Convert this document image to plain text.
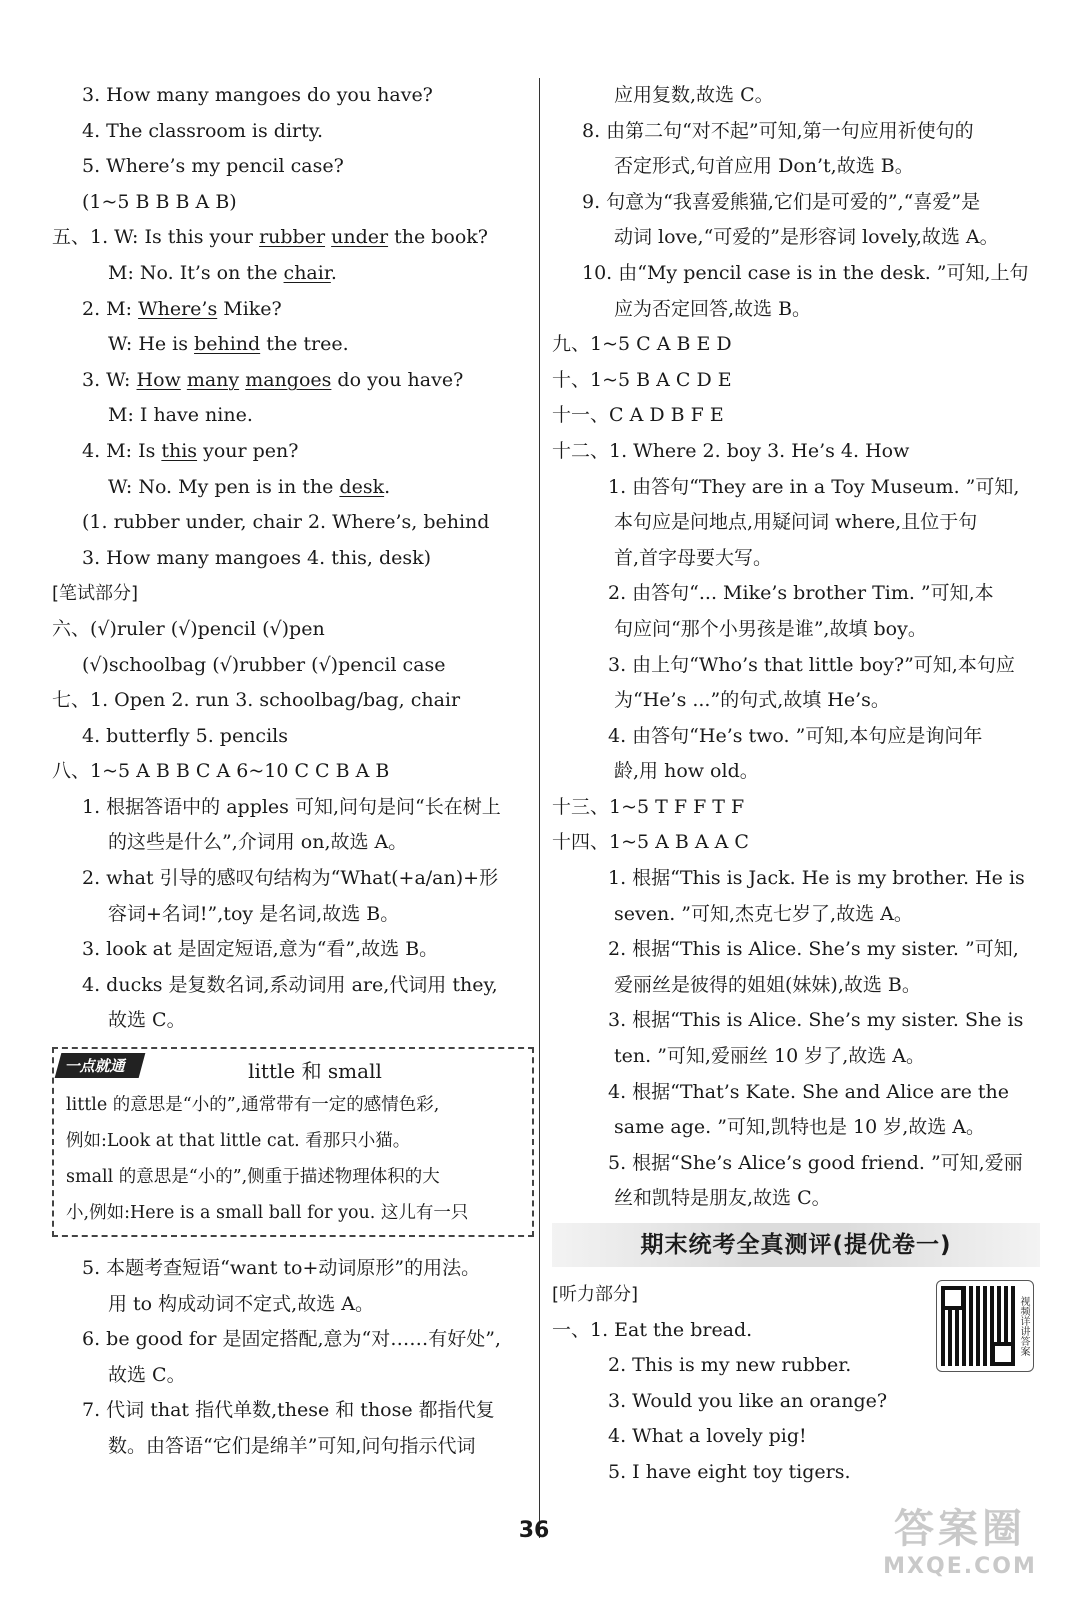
3. How many mangoes do you have?
4. The classroom is dirty.
5. Where’s my pencil case?
(1~5 B B B A B)
五、1. W: Is this your rubber under the book?
M: No. It’s on the chair.
2. M: Where’s Mike?
W: He is behind the tree.
3. W: How many mangoes do you have?
M: I have nine.
4. M: Is this your pen?
W: No. My pen is in the desk.
(1. rubber under, chair 2. Where’s, behind
3. How many mangoes 4. this, desk)
[笔试部分]
六、(√)ruler (√)pencil (√)pen
(√)schoolbag (√)rubber (√)pencil case
七、1. Open 2. run 3. schoolbag/bag, chair
4. butterfly 5. pencils
八、1~5 A B B C A 6~10 C C B A B
1. 根据答语中的 apples 可知,问句是问“长在树上
的这些是什么”,介词用 on,故选 A。
2. what 引导的感叹句结构为“What(+a/an)+形
容词+名词!”,toy 是名词,故选 B。
3. look at 是固定短语,意为“看”,故选 B。
4. ducks 是复数名词,系动词用 are,代词用 they,
故选 C。
一点就通	little 和 small
little 的意思是“小的”,通常带有一定的感情色彩,
例如:Look at that little cat. 看那只小猫。
small 的意思是“小的”,侧重于描述物理体积的大
小,例如:Here is a small ball for you. 这儿有一只
5. 本题考查短语“want to+动词原形”的用法。
用 to 构成动词不定式,故选 A。
6. be good for 是固定搭配,意为“对……有好处”,
故选 C。
7. 代词 that 指代单数,these 和 those 都指代复
数。由答语“它们是绵羊”可知,问句指示代词
应用复数,故选 C。
8. 由第二句“对不起”可知,第一句应用祈使句的
否定形式,句首应用 Don’t,故选 B。
9. 句意为“我喜爱熊猫,它们是可爱的”,“喜爱”是
动词 love,“可爱的”是形容词 lovely,故选 A。
10. 由“My pencil case is in the desk. ”可知,上句
应为否定回答,故选 B。
九、1~5 C A B E D
十、1~5 B A C D E
十一、C A D B F E
十二、1. Where 2. boy 3. He’s 4. How
1. 由答句“They are in a Toy Museum. ”可知,
本句应是问地点,用疑问词 where,且位于句
首,首字母要大写。
2. 由答句“... Mike’s brother Tim. ”可知,本
句应问“那个小男孩是谁”,故填 boy。
3. 由上句“Who’s that little boy?”可知,本句应
为“He’s ...”的句式,故填 He’s。
4. 由答句“He’s two. ”可知,本句应是询问年
龄,用 how old。
十三、1~5 T F F T F
十四、1~5 A B A A C
1. 根据“This is Jack. He is my brother. He is
seven. ”可知,杰克七岁了,故选 A。
2. 根据“This is Alice. She’s my sister. ”可知,
爱丽丝是彼得的姐姐(妹妹),故选 B。
3. 根据“This is Alice. She’s my sister. She is
ten. ”可知,爱丽丝 10 岁了,故选 A。
4. 根据“That’s Kate. She and Alice are the
same age. ”可知,凯特也是 10 岁,故选 A。
5. 根据“She’s Alice’s good friend. ”可知,爱丽
丝和凯特是朋友,故选 C。
期末统考全真测评(提优卷一)
[听力部分]
一、1. Eat the bread.
2. This is my new rubber.
3. Would you like an orange?
4. What a lovely pig!
5. I have eight toy tigers.
视频详讲答案
36	答案圈
MXQE.COM
